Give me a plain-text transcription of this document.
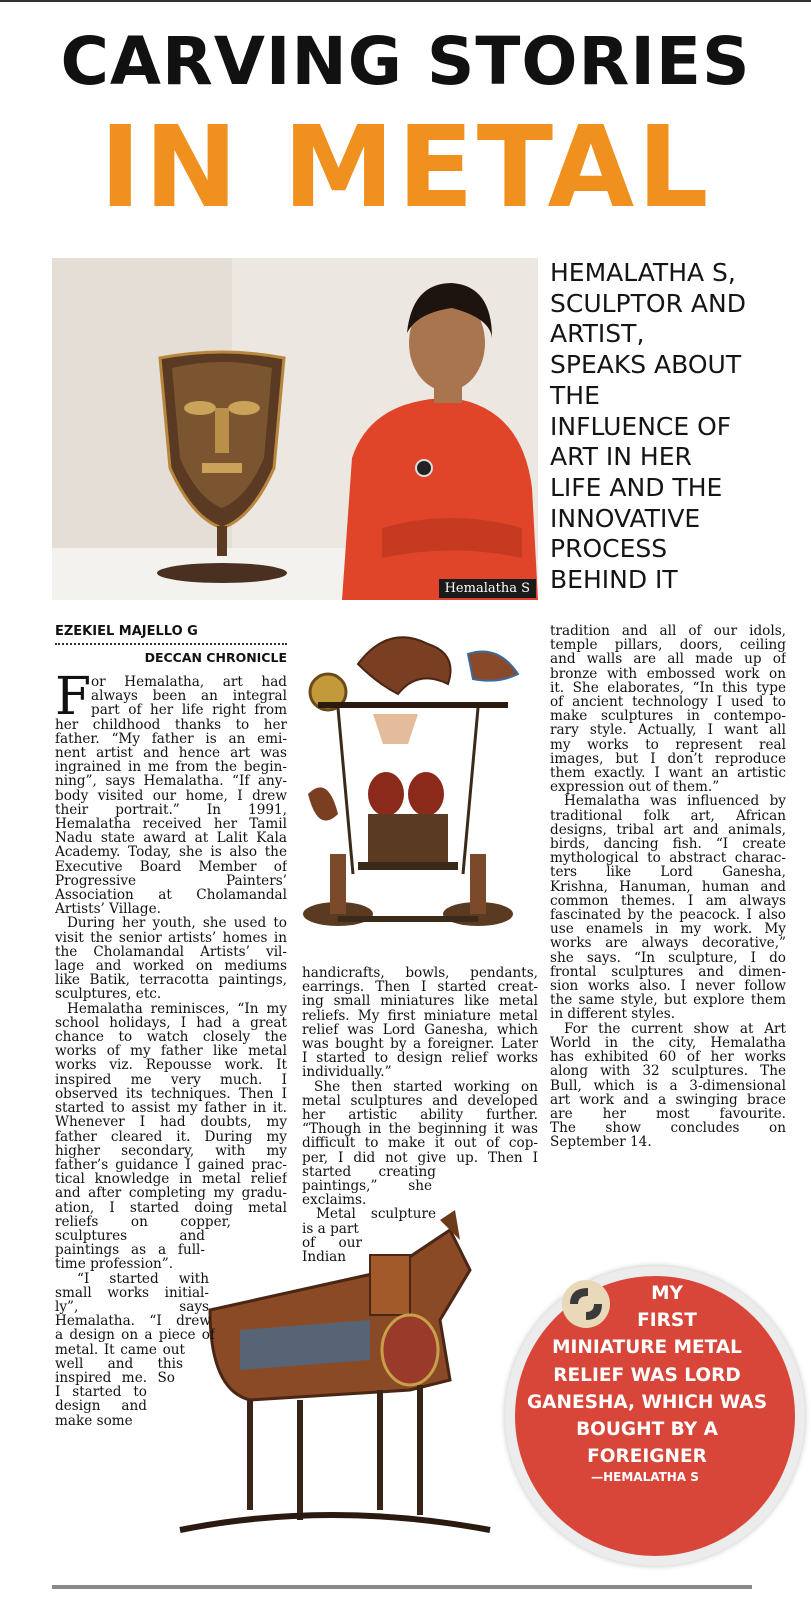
CARVING STORIES
IN METAL
Hemalatha S
HEMALATHA S,
SCULPTOR AND
ARTIST,
SPEAKS ABOUT
THE
INFLUENCE OF
ART IN HER
LIFE AND THE
INNOVATIVE
PROCESS
BEHIND IT
EZEKIEL MAJELLO G
DECCAN CHRONICLE
F or Hemalatha, art had
always been an integral
part of her life right from
her childhood thanks to her
father. “My father is an emi-
nent artist and hence art was
ingrained in me from the begin-
ning”, says Hemalatha. “If any-
body visited our home, I drew
their portrait.” In 1991,
Hemalatha received her Tamil
Nadu state award at Lalit Kala
Academy. Today, she is also the
Executive Board Member of
Progressive Painters’
Association at Cholamandal
Artists’ Village.
During her youth, she used to
visit the senior artists’ homes in
the Cholamandal Artists’ vil-
lage and worked on mediums
like Batik, terracotta paintings,
sculptures, etc.
Hemalatha reminisces, “In my
school holidays, I had a great
chance to watch closely the
works of my father like metal
works viz. Repousse work. It
inspired me very much. I
observed its techniques. Then I
started to assist my father in it.
Whenever I had doubts, my
father cleared it. During my
higher secondary, with my
father’s guidance I gained prac-
tical knowledge in metal relief
and after completing my gradu-
ation, I started doing metal
reliefs on copper,
sculptures and
paintings as a full-
time profession”.
“I started with
small works initial-
ly”, says
Hemalatha. “I drew
a design on a piece of
metal. It came out
well and this
inspired me. So
I started to
design and
make some
handicrafts, bowls, pendants,
earrings. Then I started creat-
ing small miniatures like metal
reliefs. My first miniature metal
relief was Lord Ganesha, which
was bought by a foreigner. Later
I started to design relief works
individually.”
She then started working on
metal sculptures and developed
her artistic ability further.
“Though in the beginning it was
difficult to make it out of cop-
per, I did not give up. Then I
started creating
paintings,” she
exclaims.
Metal sculpture
is a part
of our
Indian
tradition and all of our idols,
temple pillars, doors, ceiling
and walls are all made up of
bronze with embossed work on
it. She elaborates, “In this type
of ancient technology I used to
make sculptures in contempo-
rary style. Actually, I want all
my works to represent real
images, but I don’t reproduce
them exactly. I want an artistic
expression out of them.”
Hemalatha was influenced by
traditional folk art, African
designs, tribal art and animals,
birds, dancing fish. “I create
mythological to abstract charac-
ters like Lord Ganesha,
Krishna, Hanuman, human and
common themes. I am always
fascinated by the peacock. I also
use enamels in my work. My
works are always decorative,”
she says. “In sculpture, I do
frontal sculptures and dimen-
sion works also. I never follow
the same style, but explore them
in different styles.
For the current show at Art
World in the city, Hemalatha
has exhibited 60 of her works
along with 32 sculptures. The
Bull, which is a 3-dimensional
art work and a swinging brace
are her most favourite.
The show concludes on
September 14.
MY
FIRST
MINIATURE METAL
RELIEF WAS LORD
GANESHA, WHICH WAS
BOUGHT BY A
FOREIGNER
—HEMALATHA S
